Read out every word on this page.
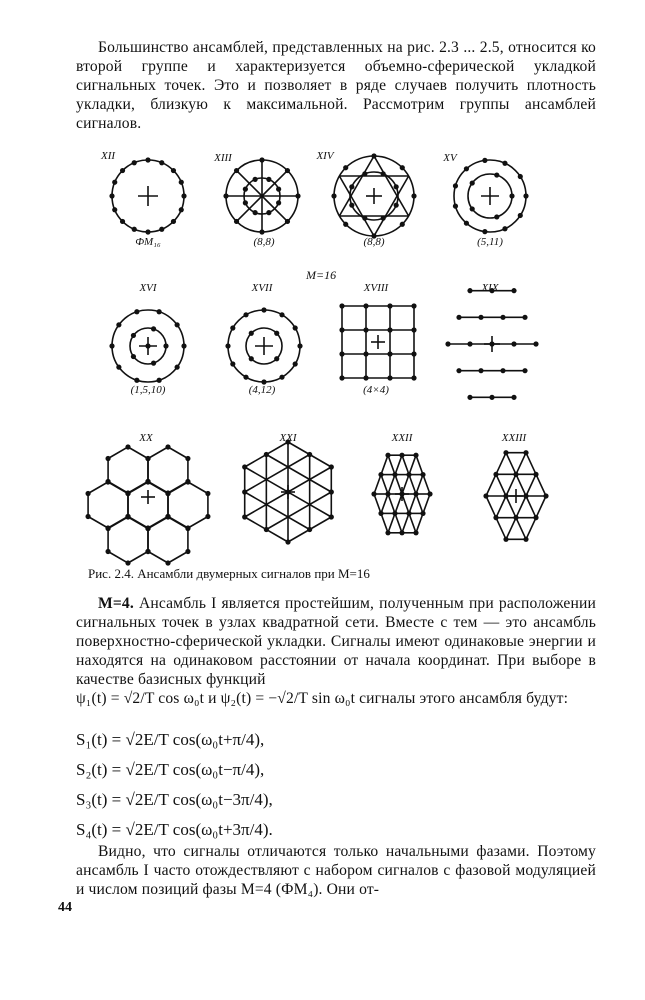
Большинство ансамблей, представленных на рис. 2.3 ... 2.5, относится ко второй группе и характеризуется объемно-сферической укладкой сигнальных точек. Это и позволяет в ряде случаев получить плотность укладки, близкую к максимальной. Рассмотрим группы ансамблей сигналов.

XII
ФМ₁₆
XIII
(8,8)
XIV
(8,8)
XV
(5,11)
M=16
XVI
(1,5,10)
XVII
(4,12)
XVIII
(4×4)
XIX
XX	XXI	XXII	XXIII
Рис. 2.4. Ансамбли двумерных сигналов при M=16

M=4. Ансамбль I является простейшим, полученным при расположении сигнальных точек в узлах квадратной сети. Вместе с тем — это ансамбль поверхностно-сферической укладки. Сигналы имеют одинаковые энергии и находятся на одинаковом расстоянии от начала координат. При выборе в качестве базисных функций

ψ₁(t) = √2/T cos ω₀t и ψ₂(t) = −√2/T sin ω₀t сигналы этого ансамбля будут:

S₁(t) = √2E/T cos(ω₀t+π/4),
S₂(t) = √2E/T cos(ω₀t−π/4),
S₃(t) = √2E/T cos(ω₀t−3π/4),
S₄(t) = √2E/T cos(ω₀t+3π/4).

Видно, что сигналы отличаются только начальными фазами. Поэтому ансамбль I часто отождествляют с набором сигналов с фазовой модуляцией и числом позиций фазы M=4 (ФМ₄). Они от-

44
